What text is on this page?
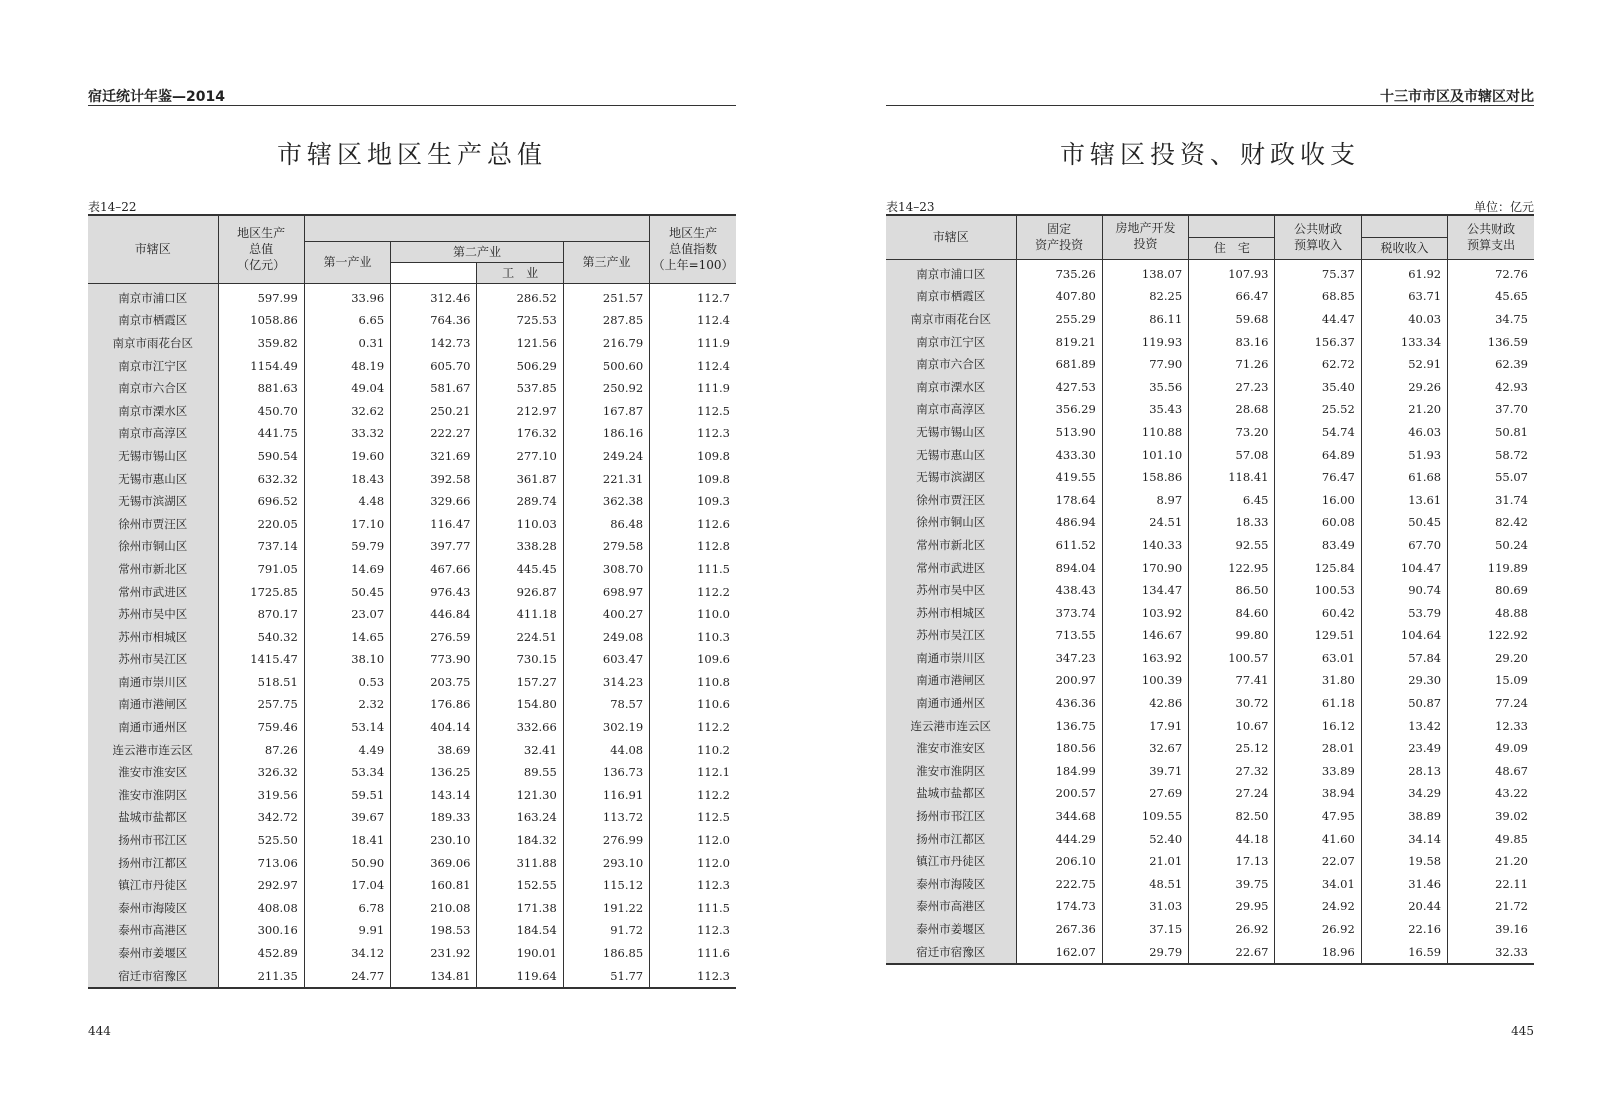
宿迁统计年鉴—2014
市辖区地区生产总值
表14–22
市辖区	地区生产
总值
（亿元）					地区生产
总值指数
（上年=100）
		第一产业	第二产业		第三产业	
				工　业		
南京市浦口区	597.99	33.96	312.46	286.52	251.57	112.7
南京市栖霞区	1058.86	6.65	764.36	725.53	287.85	112.4
南京市雨花台区	359.82	0.31	142.73	121.56	216.79	111.9
南京市江宁区	1154.49	48.19	605.70	506.29	500.60	112.4
南京市六合区	881.63	49.04	581.67	537.85	250.92	111.9
南京市溧水区	450.70	32.62	250.21	212.97	167.87	112.5
南京市高淳区	441.75	33.32	222.27	176.32	186.16	112.3
无锡市锡山区	590.54	19.60	321.69	277.10	249.24	109.8
无锡市惠山区	632.32	18.43	392.58	361.87	221.31	109.8
无锡市滨湖区	696.52	4.48	329.66	289.74	362.38	109.3
徐州市贾汪区	220.05	17.10	116.47	110.03	86.48	112.6
徐州市铜山区	737.14	59.79	397.77	338.28	279.58	112.8
常州市新北区	791.05	14.69	467.66	445.45	308.70	111.5
常州市武进区	1725.85	50.45	976.43	926.87	698.97	112.2
苏州市吴中区	870.17	23.07	446.84	411.18	400.27	110.0
苏州市相城区	540.32	14.65	276.59	224.51	249.08	110.3
苏州市吴江区	1415.47	38.10	773.90	730.15	603.47	109.6
南通市崇川区	518.51	0.53	203.75	157.27	314.23	110.8
南通市港闸区	257.75	2.32	176.86	154.80	78.57	110.6
南通市通州区	759.46	53.14	404.14	332.66	302.19	112.2
连云港市连云区	87.26	4.49	38.69	32.41	44.08	110.2
淮安市淮安区	326.32	53.34	136.25	89.55	136.73	112.1
淮安市淮阴区	319.56	59.51	143.14	121.30	116.91	112.2
盐城市盐都区	342.72	39.67	189.33	163.24	113.72	112.5
扬州市邗江区	525.50	18.41	230.10	184.32	276.99	112.0
扬州市江都区	713.06	50.90	369.06	311.88	293.10	112.0
镇江市丹徒区	292.97	17.04	160.81	152.55	115.12	112.3
泰州市海陵区	408.08	6.78	210.08	171.38	191.22	111.5
泰州市高港区	300.16	9.91	198.53	184.54	91.72	112.3
泰州市姜堰区	452.89	34.12	231.92	190.01	186.85	111.6
宿迁市宿豫区	211.35	24.77	134.81	119.64	51.77	112.3
444
十三市市区及市辖区对比
市辖区投资、财政收支
表14–23	单位：亿元
市辖区	固定
资产投资	房地产开发
投资		公共财政
预算收入		公共财政
预算支出
			住　宅		税收收入	
南京市浦口区	735.26	138.07	107.93	75.37	61.92	72.76
南京市栖霞区	407.80	82.25	66.47	68.85	63.71	45.65
南京市雨花台区	255.29	86.11	59.68	44.47	40.03	34.75
南京市江宁区	819.21	119.93	83.16	156.37	133.34	136.59
南京市六合区	681.89	77.90	71.26	62.72	52.91	62.39
南京市溧水区	427.53	35.56	27.23	35.40	29.26	42.93
南京市高淳区	356.29	35.43	28.68	25.52	21.20	37.70
无锡市锡山区	513.90	110.88	73.20	54.74	46.03	50.81
无锡市惠山区	433.30	101.10	57.08	64.89	51.93	58.72
无锡市滨湖区	419.55	158.86	118.41	76.47	61.68	55.07
徐州市贾汪区	178.64	8.97	6.45	16.00	13.61	31.74
徐州市铜山区	486.94	24.51	18.33	60.08	50.45	82.42
常州市新北区	611.52	140.33	92.55	83.49	67.70	50.24
常州市武进区	894.04	170.90	122.95	125.84	104.47	119.89
苏州市吴中区	438.43	134.47	86.50	100.53	90.74	80.69
苏州市相城区	373.74	103.92	84.60	60.42	53.79	48.88
苏州市吴江区	713.55	146.67	99.80	129.51	104.64	122.92
南通市崇川区	347.23	163.92	100.57	63.01	57.84	29.20
南通市港闸区	200.97	100.39	77.41	31.80	29.30	15.09
南通市通州区	436.36	42.86	30.72	61.18	50.87	77.24
连云港市连云区	136.75	17.91	10.67	16.12	13.42	12.33
淮安市淮安区	180.56	32.67	25.12	28.01	23.49	49.09
淮安市淮阴区	184.99	39.71	27.32	33.89	28.13	48.67
盐城市盐都区	200.57	27.69	27.24	38.94	34.29	43.22
扬州市邗江区	344.68	109.55	82.50	47.95	38.89	39.02
扬州市江都区	444.29	52.40	44.18	41.60	34.14	49.85
镇江市丹徒区	206.10	21.01	17.13	22.07	19.58	21.20
泰州市海陵区	222.75	48.51	39.75	34.01	31.46	22.11
泰州市高港区	174.73	31.03	29.95	24.92	20.44	21.72
泰州市姜堰区	267.36	37.15	26.92	26.92	22.16	39.16
宿迁市宿豫区	162.07	29.79	22.67	18.96	16.59	32.33
445
